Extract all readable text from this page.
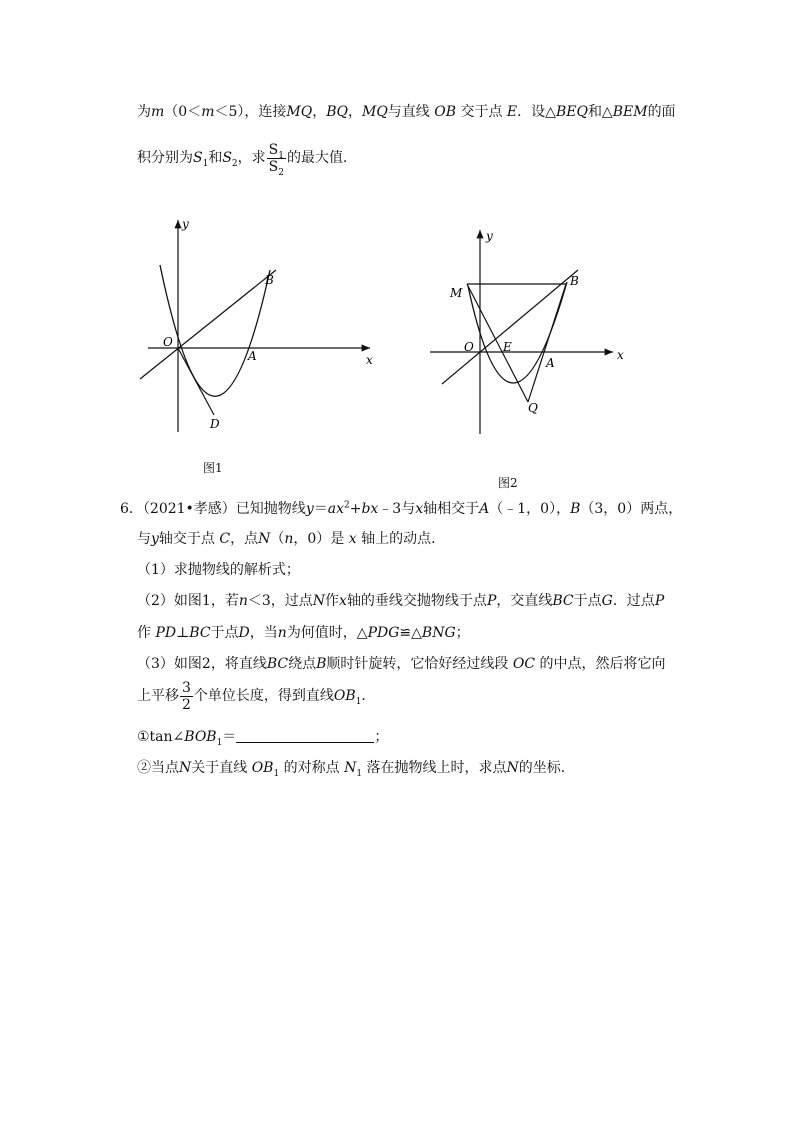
为m（0＜m＜5），连接MQ，BQ，MQ与直线 OB 交于点 E．设△BEQ和△BEM的面
积分别为$S_1$和$S_2$，求 $\frac{S_1}{S_2}$ 的最大值．
y
x
O
A
B
D
图1
y
x
O E
A
B
M
Q
图2
6．（2021•孝感）已知抛物线$y=ax^2+bx﹣3$与x轴相交于A（﹣1，0），B（3，0）两点，
与y轴交于点 C，点N（n，0）是 x 轴上的动点．
（1）求抛物线的解析式；
（2）如图1，若n＜3，过点N作x轴的垂线交抛物线于点P，交直线BC于点G．过点P
作 PD⊥BC于点D，当n为何值时，△PDG≌△BNG；
（3）如图2，将直线BC绕点B顺时针旋转，它恰好经过线段 OC 的中点，然后将它向
上平移 $\frac{3}{2}$ 个单位长度，得到直线$OB_1$．
$①\tan\angle BOB_1=$	；
②当点N关于直线 $OB_1$ 的对称点 $N_1$ 落在抛物线上时，求点N的坐标．
